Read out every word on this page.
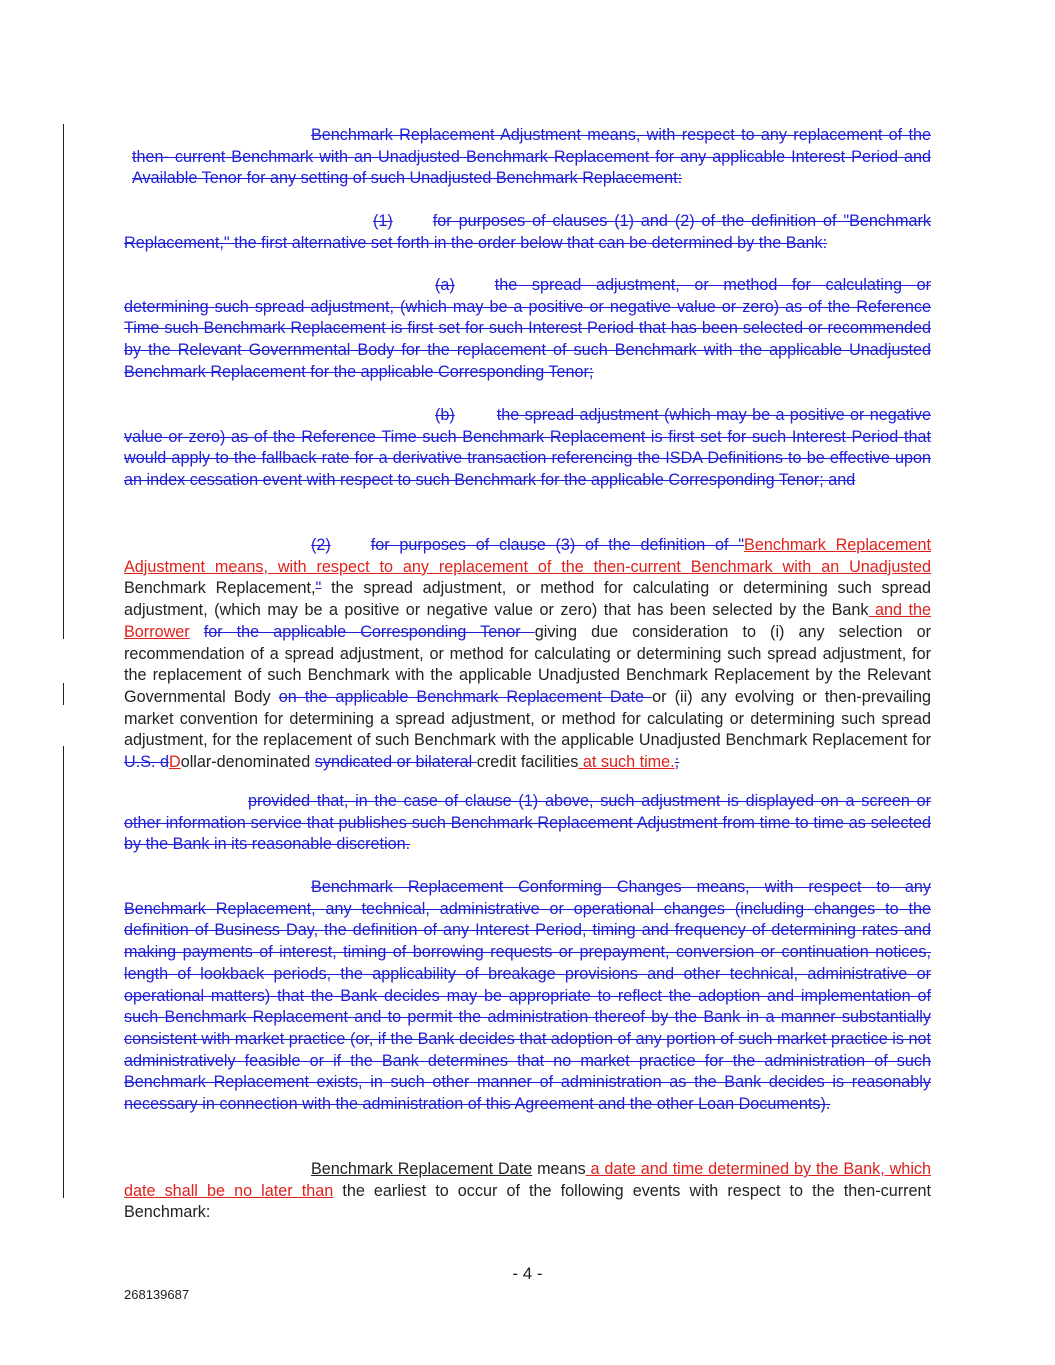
Benchmark Replacement Adjustment means, with respect to any replacement of the then- current Benchmark with an Unadjusted Benchmark Replacement for any applicable Interest Period and Available Tenor for any setting of such Unadjusted Benchmark Replacement:
(1) for purposes of clauses (1) and (2) of the definition of "Benchmark Replacement," the first alternative set forth in the order below that can be determined by the Bank:
(a) the spread adjustment, or method for calculating or determining such spread adjustment, (which may be a positive or negative value or zero) as of the Reference Time such Benchmark Replacement is first set for such Interest Period that has been selected or recommended by the Relevant Governmental Body for the replacement of such Benchmark with the applicable Unadjusted Benchmark Replacement for the applicable Corresponding Tenor;
(b)	the spread adjustment (which may be a positive or negative value or zero) as of the Reference Time such Benchmark Replacement is first set for such Interest Period that would apply to the fallback rate for a derivative transaction referencing the ISDA Definitions to be effective upon an index cessation event with respect to such Benchmark for the applicable Corresponding Tenor; and
(2) for purposes of clause (3) of the definition of "Benchmark Replacement Adjustment means, with respect to any replacement of the then-current Benchmark with an Unadjusted Benchmark Replacement," the spread adjustment, or method for calculating or determining such spread adjustment, (which may be a positive or negative value or zero) that has been selected by the Bank and the Borrower for the applicable Corresponding Tenor giving due consideration to (i) any selection or recommendation of a spread adjustment, or method for calculating or determining such spread adjustment, for the replacement of such Benchmark with the applicable Unadjusted Benchmark Replacement by the Relevant Governmental Body on the applicable Benchmark Replacement Date or (ii) any evolving or then-prevailing market convention for determining a spread adjustment, or method for calculating or determining such spread adjustment, for the replacement of such Benchmark with the applicable Unadjusted Benchmark Replacement for U.S. dDollar-denominated syndicated or bilateral credit facilities at such time.;
provided that, in the case of clause (1) above, such adjustment is displayed on a screen or other information service that publishes such Benchmark Replacement Adjustment from time to time as selected by the Bank in its reasonable discretion.
Benchmark Replacement Conforming Changes means, with respect to any Benchmark Replacement, any technical, administrative or operational changes (including changes to the definition of Business Day, the definition of any Interest Period, timing and frequency of determining rates and making payments of interest, timing of borrowing requests or prepayment, conversion or continuation notices, length of lookback periods, the applicability of breakage provisions and other technical, administrative or operational matters) that the Bank decides may be appropriate to reflect the adoption and implementation of such Benchmark Replacement and to permit the administration thereof by the Bank in a manner substantially consistent with market practice (or, if the Bank decides that adoption of any portion of such market practice is not administratively feasible or if the Bank determines that no market practice for the administration of such Benchmark Replacement exists, in such other manner of administration as the Bank decides is reasonably necessary in connection with the administration of this Agreement and the other Loan Documents).
Benchmark Replacement Date means a date and time determined by the Bank, which date shall be no later than the earliest to occur of the following events with respect to the then-current Benchmark:
- 4 -
268139687
